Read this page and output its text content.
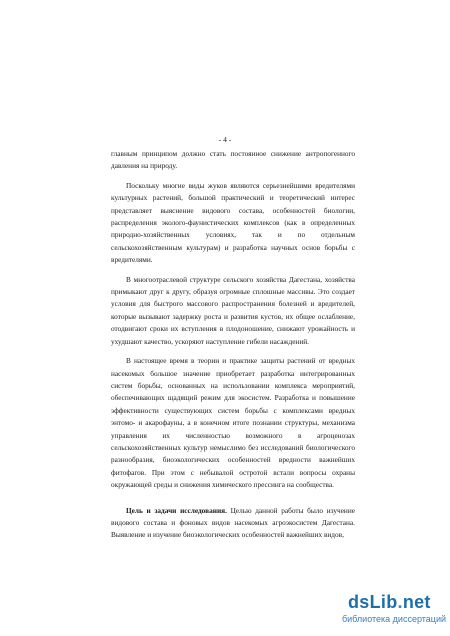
- 4 -

главным принципом должно стать постоянное снижение антропогенного давления на природу.

Поскольку многие виды жуков являются серьезнейшими вредителями культурных растений, большой практический и теоретический интерес представляет выяснение видового состава, особенностей биологии, распределения эколого-фаунистических комплексов (как в определенных природно-хозяйственных условиях, так и по отдельным сельскохозяйственным культурам) и разработка научных основ борьбы с вредителями.

В многоотраслевой структуре сельского хозяйства Дагестана, хозяйства примыкают друг к другу, образуя огромные сплошные массивы. Это создает условия для быстрого массового распространения болезней и вредителей, которые вызывают задержку роста и развития кустов, их общее ослабление, отодвигают сроки их вступления в плодоношение, снижают урожайность и ухудшают качество, ускоряют наступление гибели насаждений.

В настоящее время в теории и практике защиты растений от вредных насекомых большое значение приобретает разработка интегрированных систем борьбы, основанных на использовании комплекса мероприятий, обеспечивающих щадящий режим для экосистем. Разработка и повышение эффективности существующих систем борьбы с комплексами вредных энтомо- и акарофауны, а в конечном итоге познании структуры, механизма управления их численностью возможного в агроценозах сельскохозяйственных культур немыслимо без исследований биологического разнообразия, биоэкологических особенностей вредности важнейших фитофагов. При этом с небывалой остротой встали вопросы охраны окружающей среды и снижения химического прессинга на сообщества.

Цель и задачи исследования. Целью данной работы было изучение видового состава и фоновых видов насекомых агроэкосистем Дагестана. Выявление и изучение биоэкологических особенностей важнейших видов,

dsLib.net
библиотека диссертаций
